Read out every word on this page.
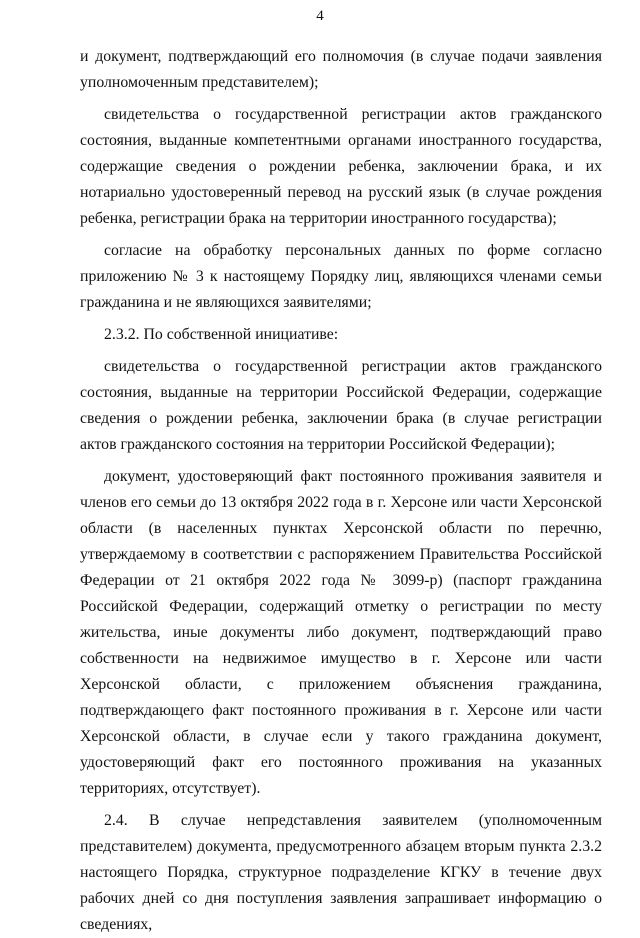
4

и документ, подтверждающий его полномочия (в случае подачи заявления уполномоченным представителем);

свидетельства о государственной регистрации актов гражданского состояния, выданные компетентными органами иностранного государства, содержащие сведения о рождении ребенка, заключении брака, и их нотариально удостоверенный перевод на русский язык (в случае рождения ребенка, регистрации брака на территории иностранного государства);

согласие на обработку персональных данных по форме согласно приложению № 3 к настоящему Порядку лиц, являющихся членами семьи гражданина и не являющихся заявителями;

2.3.2. По собственной инициативе:

свидетельства о государственной регистрации актов гражданского состояния, выданные на территории Российской Федерации, содержащие сведения о рождении ребенка, заключении брака (в случае регистрации актов гражданского состояния на территории Российской Федерации);

документ, удостоверяющий факт постоянного проживания заявителя и членов его семьи до 13 октября 2022 года в г. Херсоне или части Херсонской области (в населенных пунктах Херсонской области по перечню, утверждаемому в соответствии с распоряжением Правительства Российской Федерации от 21 октября 2022 года № 3099-р) (паспорт гражданина Российской Федерации, содержащий отметку о регистрации по месту жительства, иные документы либо документ, подтверждающий право собственности на недвижимое имущество в г. Херсоне или части Херсонской области, с приложением объяснения гражданина, подтверждающего факт постоянного проживания в г. Херсоне или части Херсонской области, в случае если у такого гражданина документ, удостоверяющий факт его постоянного проживания на указанных территориях, отсутствует).

2.4. В случае непредставления заявителем (уполномоченным представителем) документа, предусмотренного абзацем вторым пункта 2.3.2 настоящего Порядка, структурное подразделение КГКУ в течение двух рабочих дней со дня поступления заявления запрашивает информацию о сведениях,
